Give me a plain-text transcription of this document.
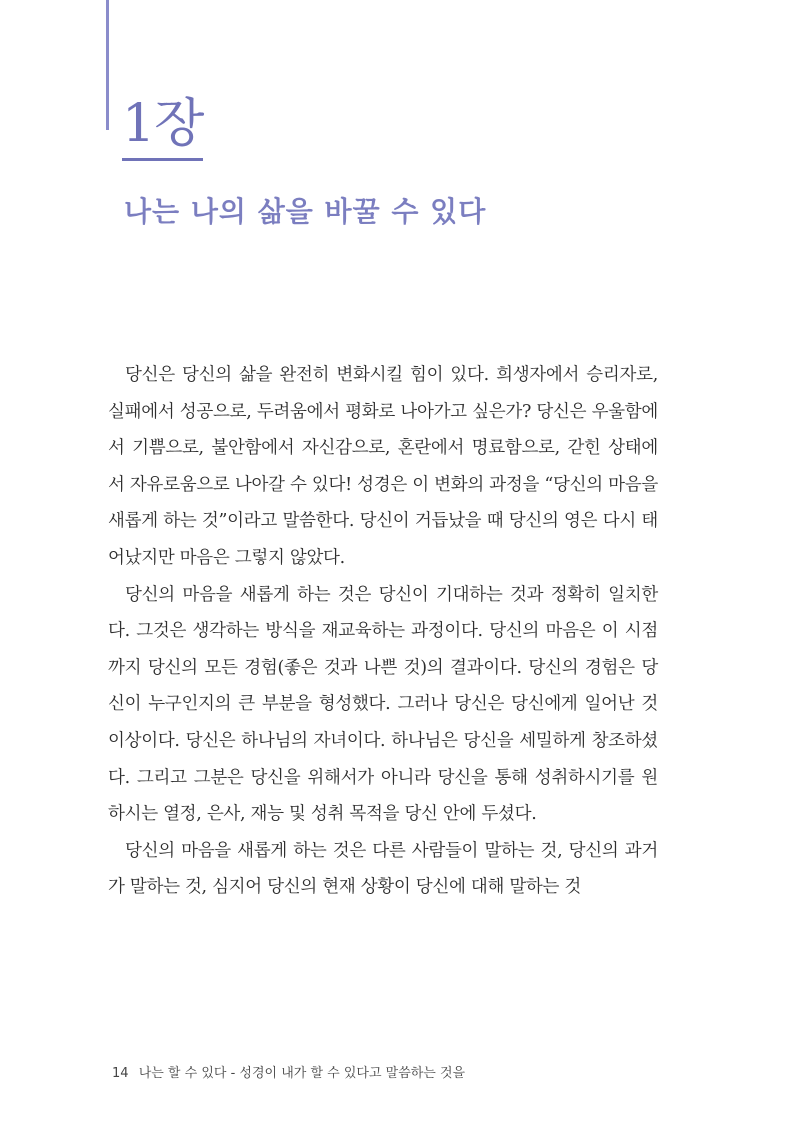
1장
나는 나의 삶을 바꿀 수 있다

당신은 당신의 삶을 완전히 변화시킬 힘이 있다. 희생자에서 승리자로, 실패에서 성공으로, 두려움에서 평화로 나아가고 싶은가? 당신은 우울함에서 기쁨으로, 불안함에서 자신감으로, 혼란에서 명료함으로, 갇힌 상태에서 자유로움으로 나아갈 수 있다! 성경은 이 변화의 과정을 “당신의 마음을 새롭게 하는 것”이라고 말씀한다. 당신이 거듭났을 때 당신의 영은 다시 태어났지만 마음은 그렇지 않았다.

당신의 마음을 새롭게 하는 것은 당신이 기대하는 것과 정확히 일치한다. 그것은 생각하는 방식을 재교육하는 과정이다. 당신의 마음은 이 시점까지 당신의 모든 경험(좋은 것과 나쁜 것)의 결과이다. 당신의 경험은 당신이 누구인지의 큰 부분을 형성했다. 그러나 당신은 당신에게 일어난 것 이상이다. 당신은 하나님의 자녀이다. 하나님은 당신을 세밀하게 창조하셨다. 그리고 그분은 당신을 위해서가 아니라 당신을 통해 성취하시기를 원하시는 열정, 은사, 재능 및 성취 목적을 당신 안에 두셨다.

당신의 마음을 새롭게 하는 것은 다른 사람들이 말하는 것, 당신의 과거가 말하는 것, 심지어 당신의 현재 상황이 당신에 대해 말하는 것

14 나는 할 수 있다 - 성경이 내가 할 수 있다고 말씀하는 것을
